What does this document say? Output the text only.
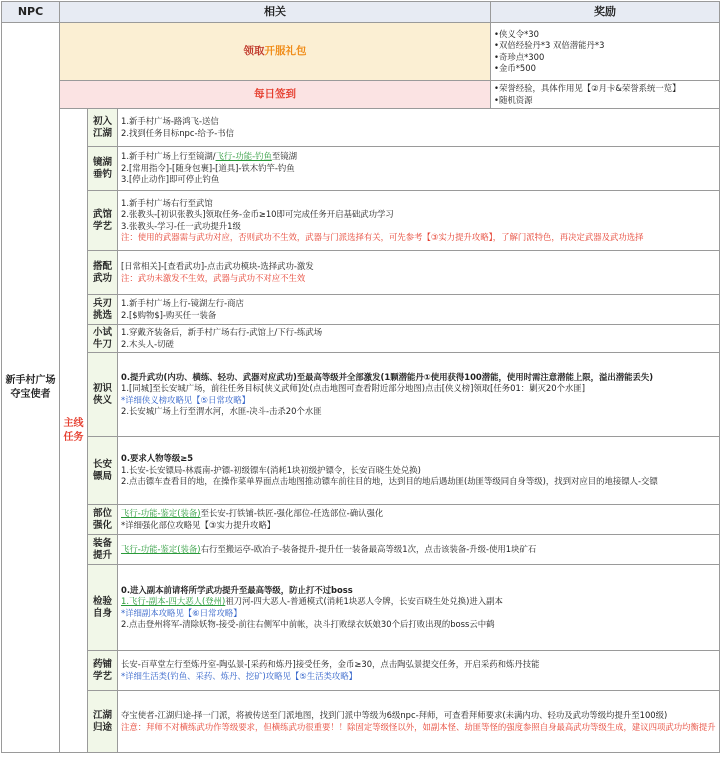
NPC	相关			奖励	
新手村广场夺宝使者	领取开服礼包			•侠义令*30
•双倍经验丹*3 双倍潜能丹*3
•奇珍点*300
•金币*500	

	每日签到			•荣誉经验，具体作用见【②月卡&荣誉系统一览】
•随机资源	

	主线任务	初入江湖	1.新手村广场-路鸿飞-送信
2.找到任务目标npc-给予-书信

		镜湖垂钓	1.新手村广场上行至镜湖/飞行-功能-钓鱼至镜湖
2.[常用指令]-[随身包裹]-[道具]-铁木钓竿-钓鱼
3.[停止动作]即可停止钓鱼

		武馆学艺	1.新手村广场右行至武馆
2.张教头-[初识张教头]领取任务-金币≥10即可完成任务开启基础武功学习
3.张教头-学习-任一武功提升1级
注：使用的武器需与武功对应，否则武功不生效，武器与门派选择有关，可先参考【③实力提升攻略】，了解门派特色，再决定武器及武功选择

		搭配武功	[日常相关]-[查看武功]-点击武功模块-选择武功-激发
注：武功未激发不生效，武器与武功不对应不生效

		兵刃挑选	1.新手村广场上行-镜湖左行-商店
2.[$购物$]-购买任一装备

		小试牛刀	1.穿戴齐装备后，新手村广场右行-武馆上/下行-练武场
2.木头人-切磋

		初识侠义	0.提升武功(内功、横练、轻功、武器对应武功)至最高等级并全部激发(1颗潜能丹①使用获得100潜能，使用时需注意潜能上限，溢出潜能丢失)
1.[同城]至长安城广场，前往任务目标[侠义武师]处(点击地图可查看附近部分地图)点击[侠义榜]领取[任务01：剿灭20个水匪]
*详细侠义榜攻略见【⑤日常攻略】
2.长安城广场上行至渭水河，水匪-决斗-击杀20个水匪

		长安镖局	0.要求人物等级≥5
1.长安-长安镖局-林震南-护镖-初级镖车(消耗1块初级护镖令，长安百晓生处兑换)
2.点击镖车查看目的地，在操作菜单界面点击地图推动镖车前往目的地，达到目的地后遇劫匪(劫匪等级同自身等级)，找到对应目的地接镖人-交镖

		部位强化	飞行-功能-鉴定(装备)至长安-打铁铺-铁匠-强化部位-任选部位-确认强化
*详细强化部位攻略见【③实力提升攻略】

		装备提升	飞行-功能-鉴定(装备)右行至搬运亭-欧冶子-装备提升-提升任一装备最高等级1次，点击该装备-升级-使用1块矿石

		检验自身	0.进入副本前请将所学武功提升至最高等级，防止打不过boss
1.飞行-副本-四大恶人(登州)祖刀河-四大恶人-普通模式(消耗1块恶人令牌，长安百晓生处兑换)进入副本
*详细副本攻略见【⑥日常攻略】
2.点击登州将军-清除妖物-接受-前往右侧军中前帐，决斗打败绿衣妖娘30个后打败出现的boss云中鹤

		药铺学艺	长安-百草堂左行至炼丹室-陶弘景-[采药和炼丹]接受任务，金币≥30，点击陶弘景提交任务，开启采药和炼丹技能
*详细生活类(钓鱼、采药、炼丹、挖矿)攻略见【⑤生活类攻略】

		江湖归途	夺宝使者-江湖归途-择一门派，将被传送至门派地图，找到门派中等级为6级npc-拜师，可查看拜师要求(未满内功、轻功及武功等级均提升至100级)
注意：拜师不对横练武功作等级要求，但横练武功很重要！！除固定等级怪以外，如副本怪、劫匪等怪的强度参照自身最高武功等级生成，建议四项武功均衡提升
